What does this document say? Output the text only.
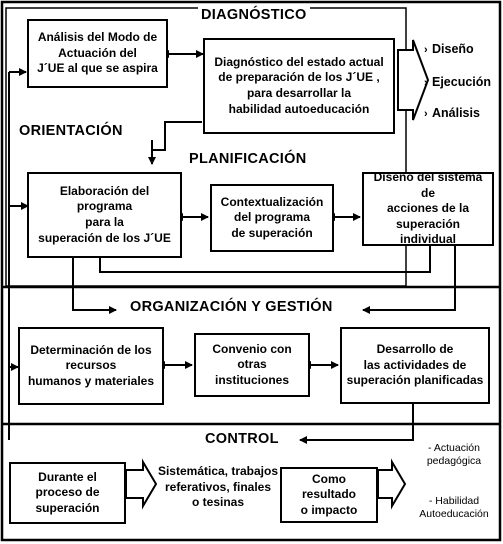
›
›
›
DIAGNÓSTICO
Análisis del Modo de
Actuación del
J´UE al que se aspira	Diagnóstico del estado actual
de preparación de los J´UE ,
para desarrollar la
habilidad autoeducación
Diseño
Ejecución
Análisis
ORIENTACIÓN
PLANIFICACIÓN
Elaboración del programa
para la
superación de los J´UE
Contextualización
del programa
de superación
Diseño del sistema de
acciones de la
superación individual
ORGANIZACIÓN Y GESTIÓN
Determinación de los
recursos
humanos y materiales
Convenio con
otras instituciones
Desarrollo de
las actividades de
superación planificadas
CONTROL
Durante el proceso de
superación
Sistemática, trabajos
referativos, finales
o tesinas
Como resultado
o impacto
- Actuación
pedagógica
- Habilidad
Autoeducación
